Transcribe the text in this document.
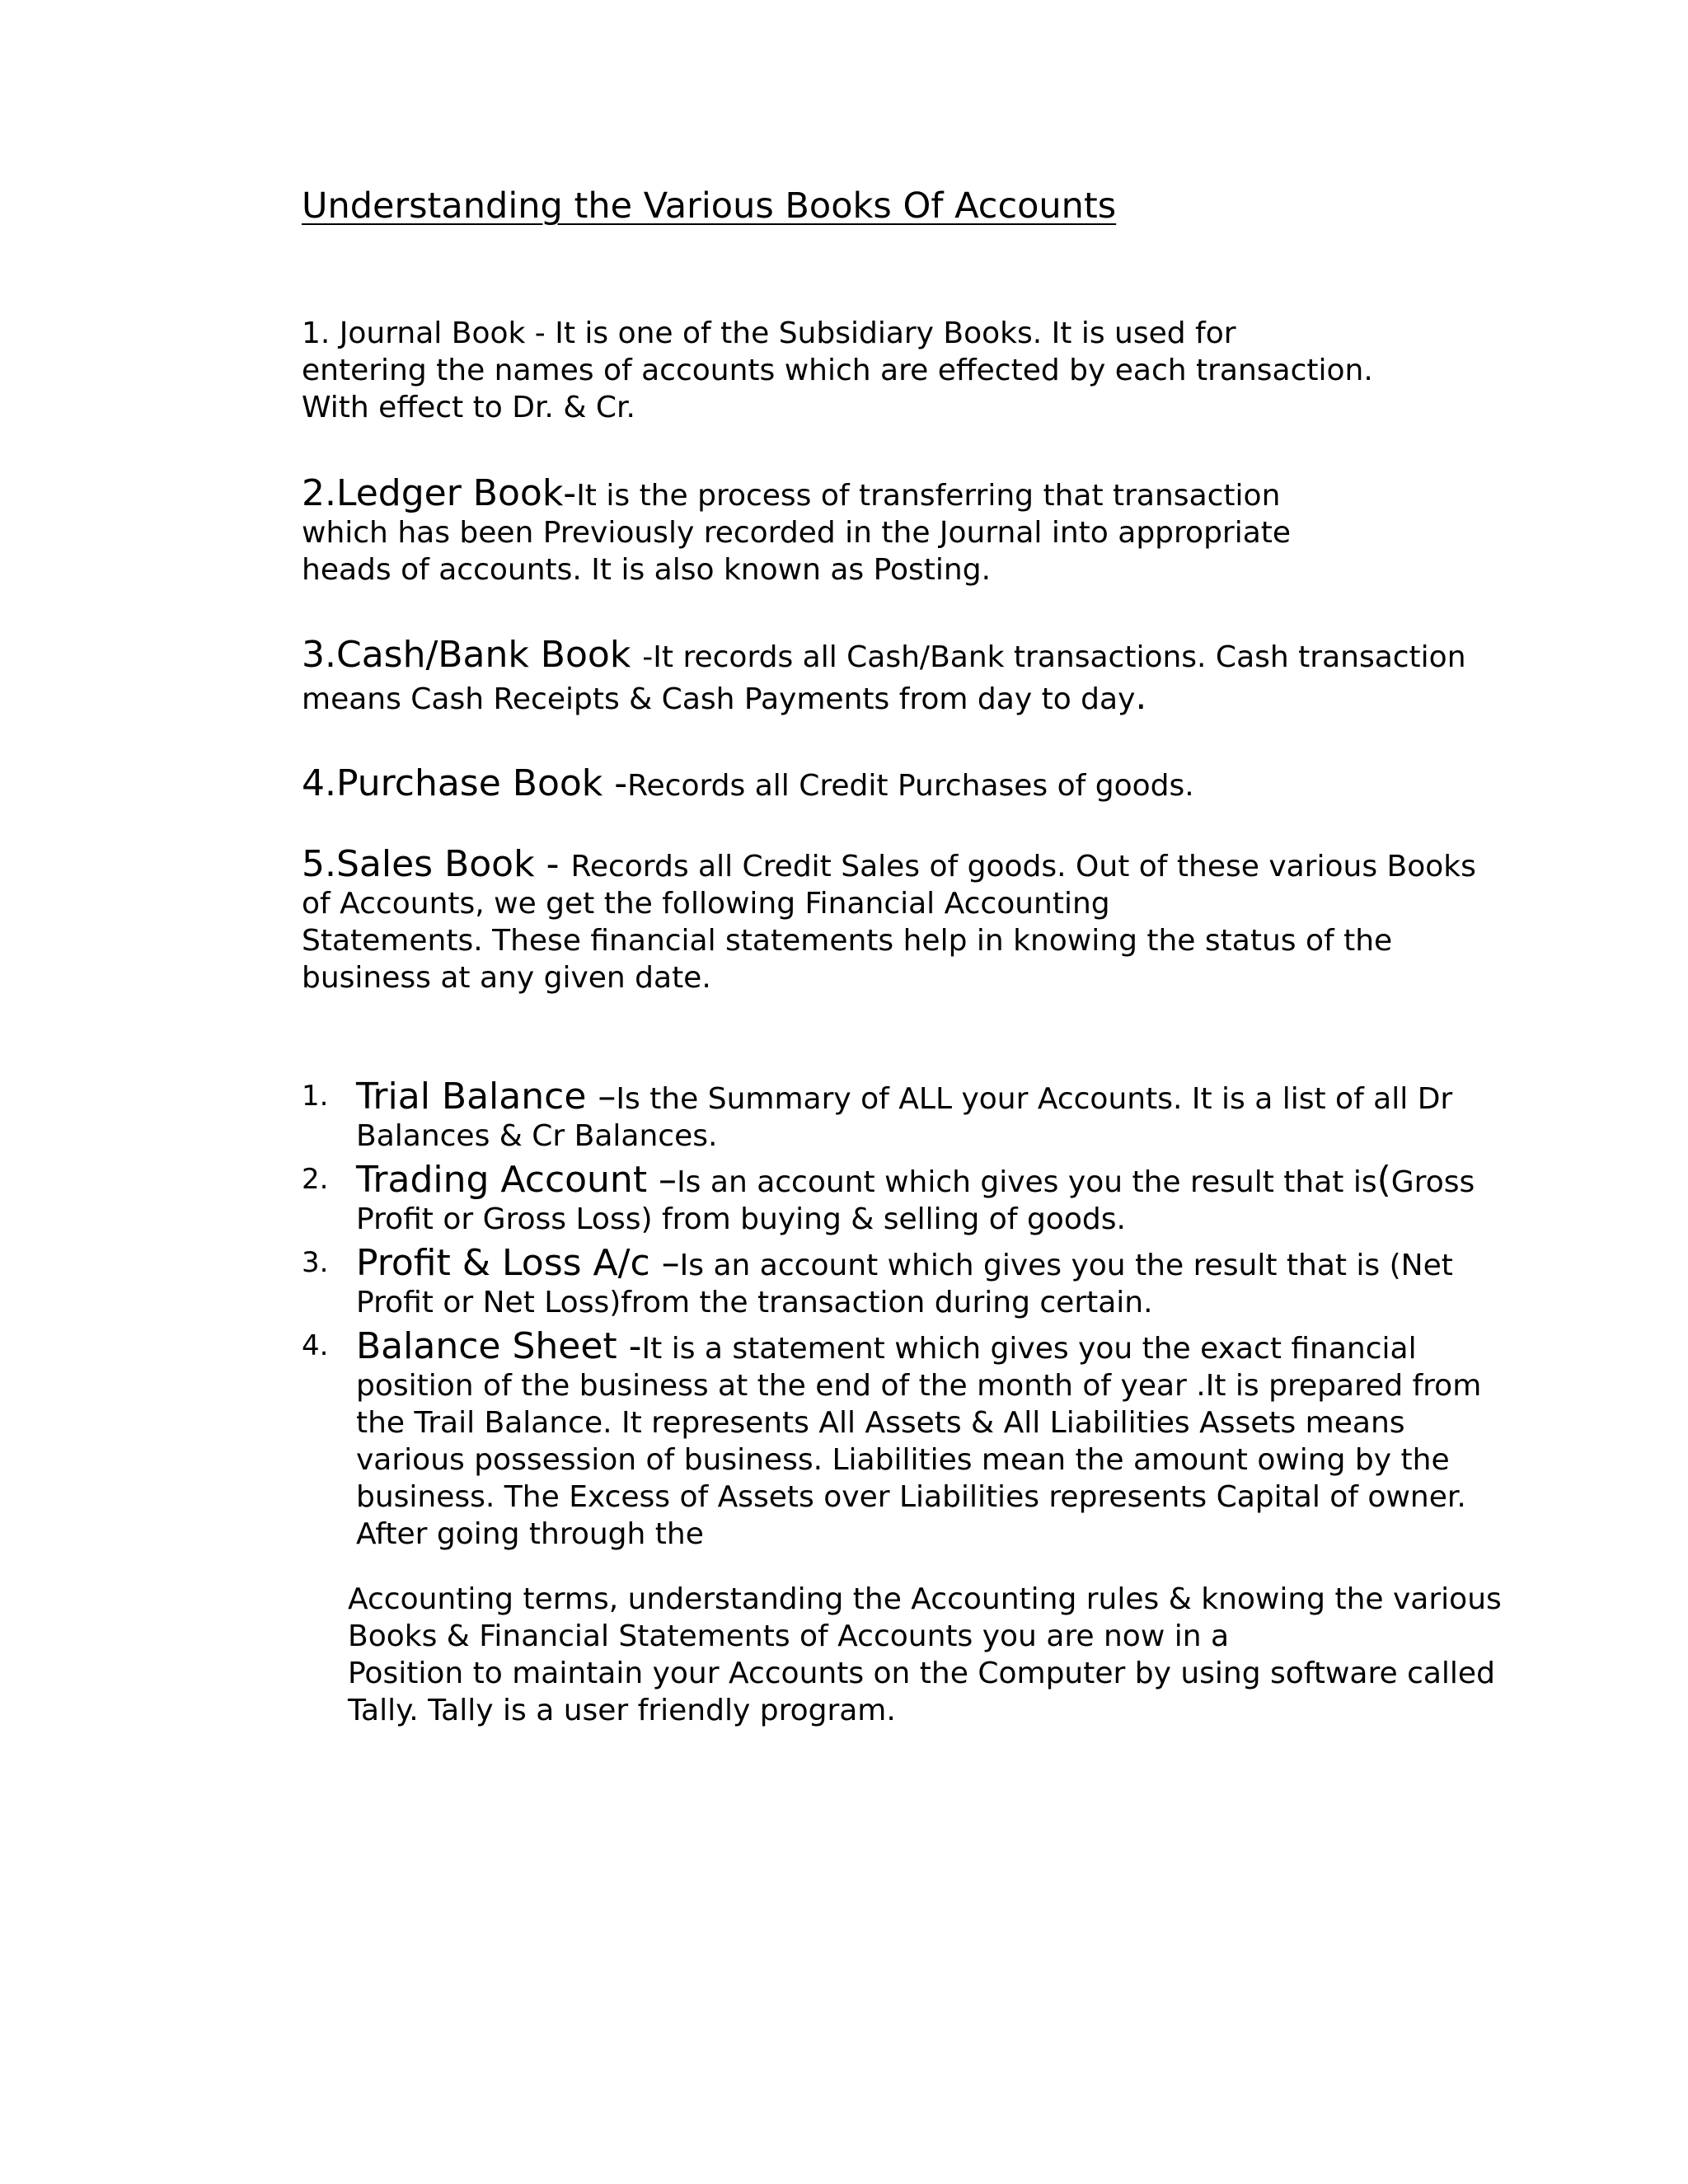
Understanding the Various Books Of Accounts
1. Journal Book - It is one of the Subsidiary Books. It is used for
entering the names of accounts which are effected by each transaction.
With effect to Dr. & Cr.
2.Ledger Book-It is the process of transferring that transaction
which has been Previously recorded in the Journal into appropriate
heads of accounts. It is also known as Posting.
3.Cash/Bank Book -It records all Cash/Bank transactions. Cash transaction
means Cash Receipts & Cash Payments from day to day.
4.Purchase Book -Records all Credit Purchases of goods.
5.Sales Book - Records all Credit Sales of goods. Out of these various Books
of Accounts, we get the following Financial Accounting
Statements. These financial statements help in knowing the status of the
business at any given date.
1. Trial Balance –Is the Summary of ALL your Accounts. It is a list of all Dr
Balances & Cr Balances.
2. Trading Account –Is an account which gives you the result that is(Gross
Profit or Gross Loss) from buying & selling of goods.
3. Profit & Loss A/c –Is an account which gives you the result that is (Net
Profit or Net Loss)from the transaction during certain.
4. Balance Sheet -It is a statement which gives you the exact financial
position of the business at the end of the month of year .It is prepared from
the Trail Balance. It represents All Assets & All Liabilities Assets means
various possession of business. Liabilities mean the amount owing by the
business. The Excess of Assets over Liabilities represents Capital of owner.
After going through the
Accounting terms, understanding the Accounting rules & knowing the various
Books & Financial Statements of Accounts you are now in a
Position to maintain your Accounts on the Computer by using software called
Tally. Tally is a user friendly program.
